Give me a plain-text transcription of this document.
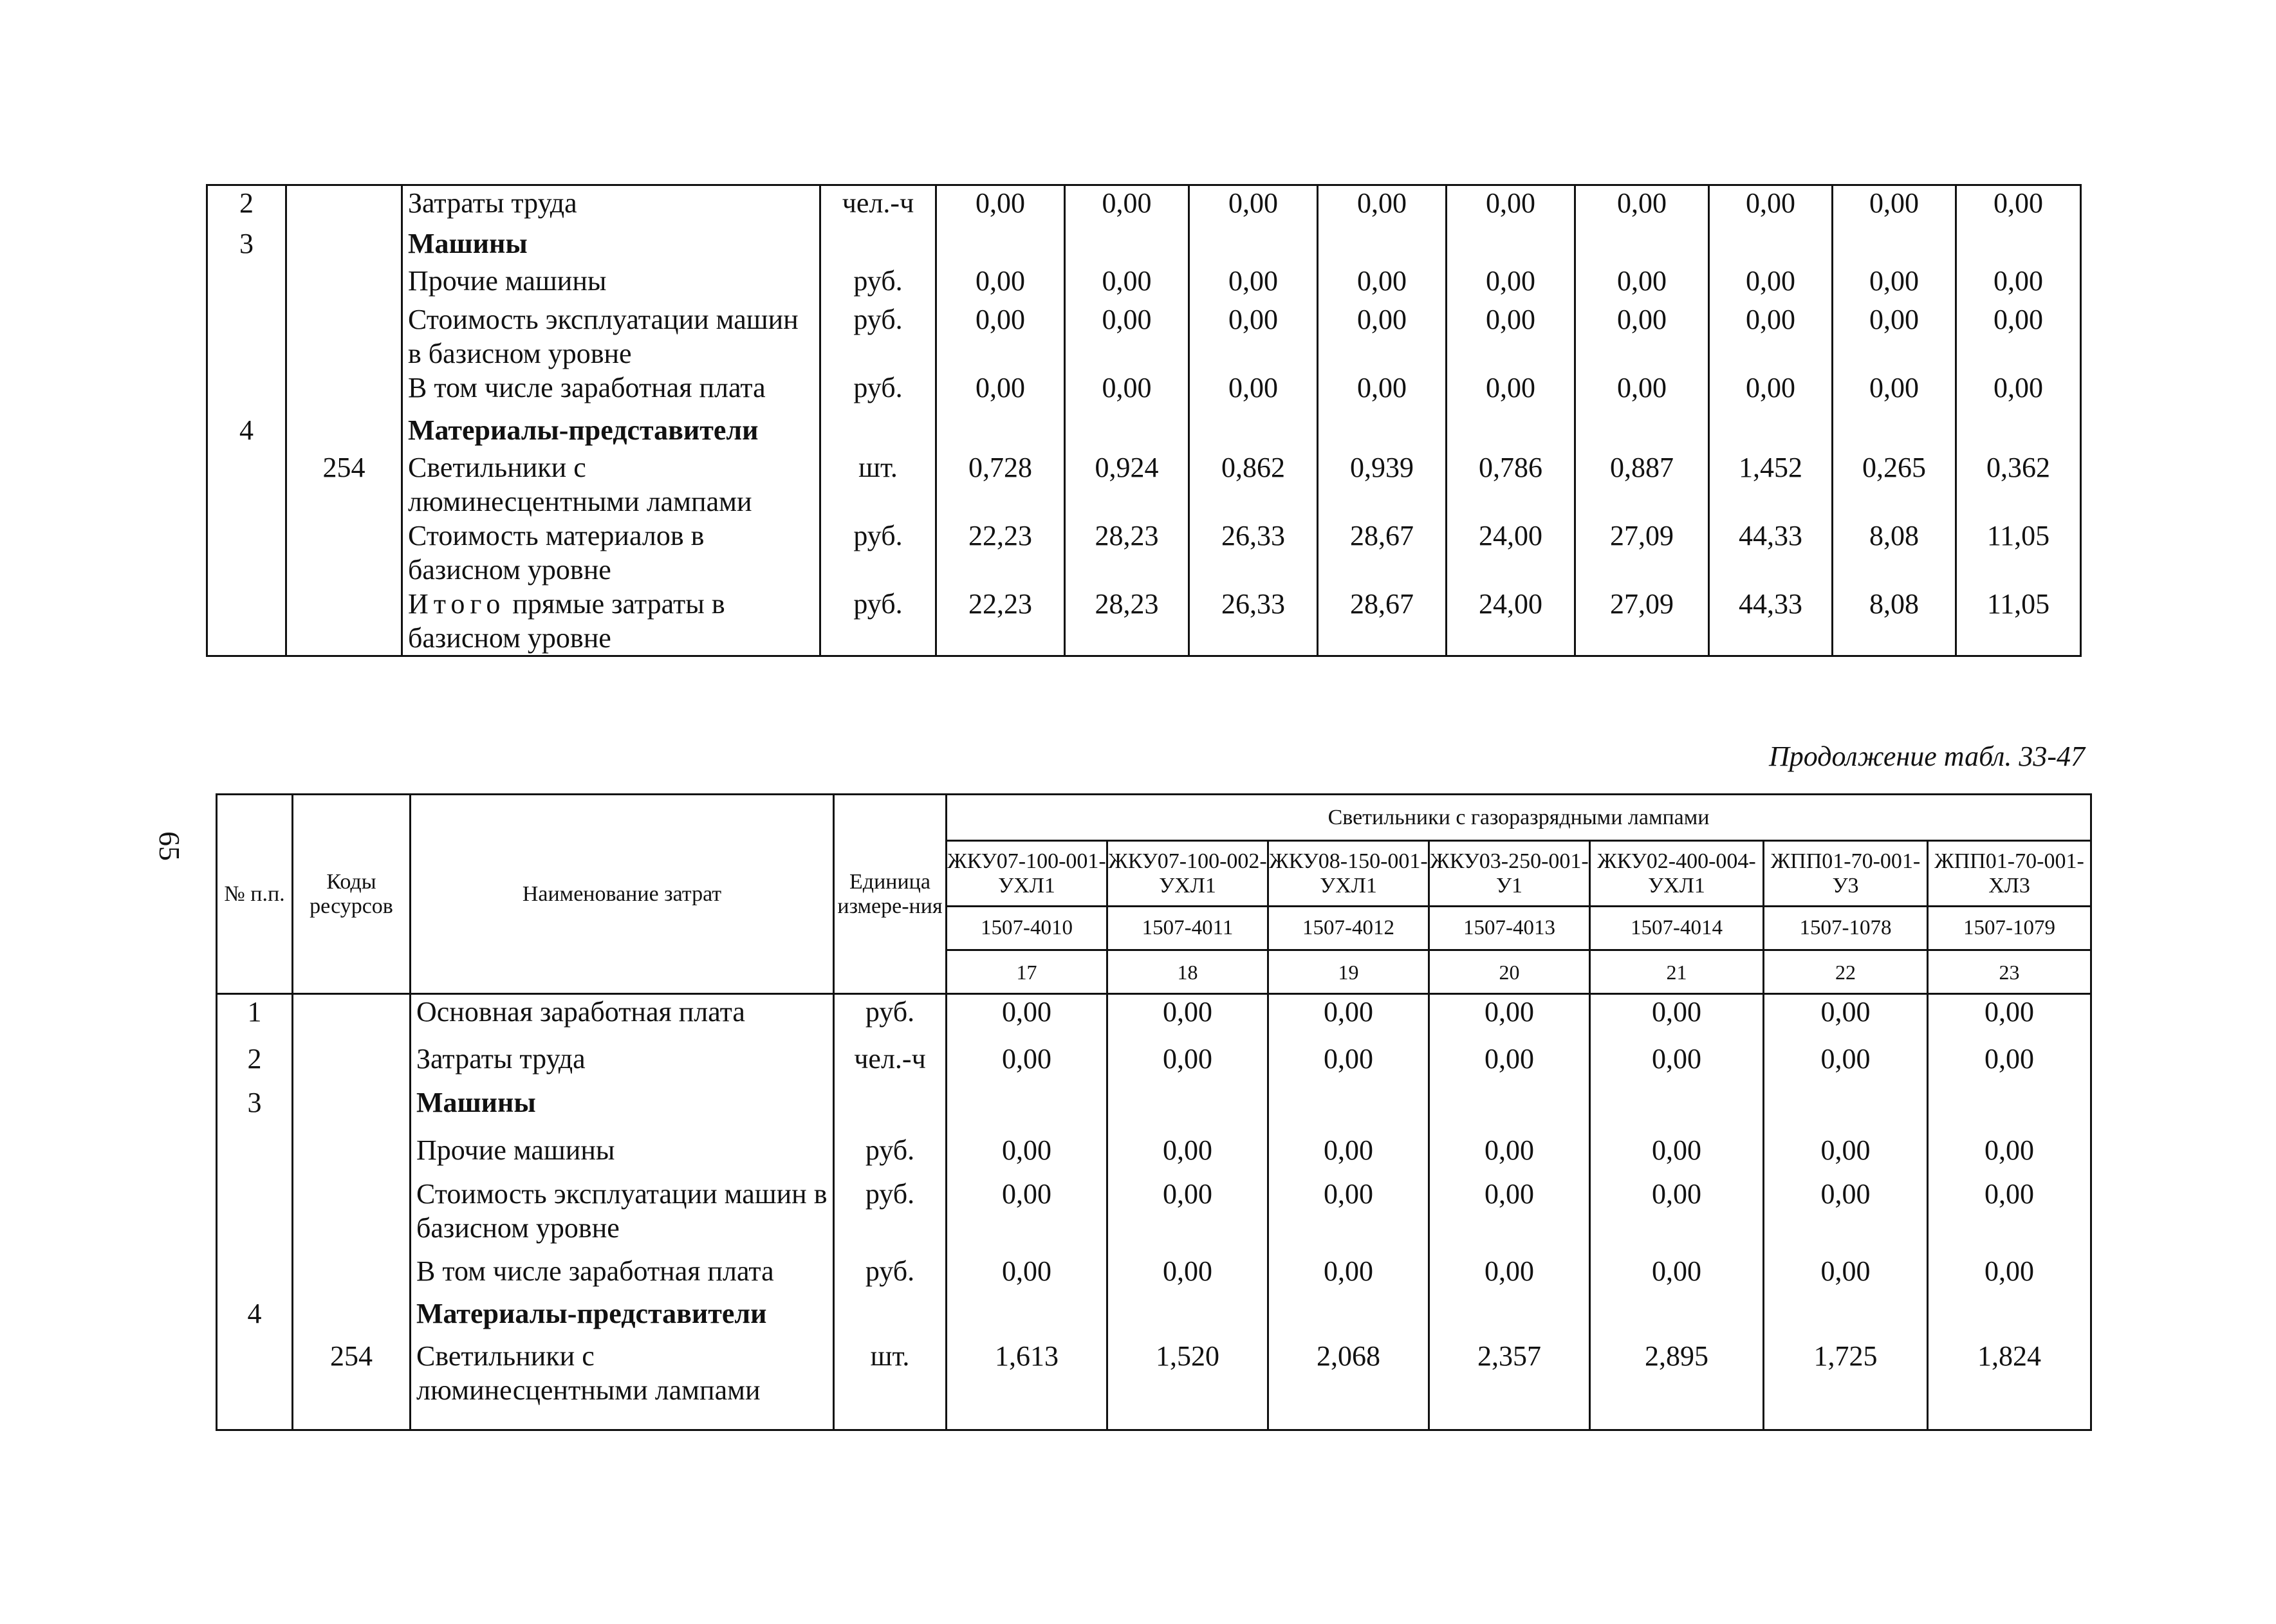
2		Затраты труда	чел.-ч	0,00	0,00	0,00	0,00	0,00	0,00	0,00	0,00	0,00
3		Машины										
		Прочие машины	руб.	0,00	0,00	0,00	0,00	0,00	0,00	0,00	0,00	0,00
		Стоимость эксплуатации машин в базисном уровне	руб.	0,00	0,00	0,00	0,00	0,00	0,00	0,00	0,00	0,00
		В том числе заработная плата	руб.	0,00	0,00	0,00	0,00	0,00	0,00	0,00	0,00	0,00
4		Материалы-представители										
	254	Светильники с люминесцентными лампами	шт.	0,728	0,924	0,862	0,939	0,786	0,887	1,452	0,265	0,362
		Стоимость материалов в базисном уровне	руб.	22,23	28,23	26,33	28,67	24,00	27,09	44,33	8,08	11,05
		Итого прямые затраты в базисном уровне	руб.	22,23	28,23	26,33	28,67	24,00	27,09	44,33	8,08	11,05
Продолжение табл. 33-47
65
№ п.п.	Коды ресурсов	Наименование затрат	Единица измере-ния	Светильники с газоразрядными лампами						
				ЖКУ07-100-001-УХЛ1	ЖКУ07-100-002-УХЛ1	ЖКУ08-150-001-УХЛ1	ЖКУ03-250-001-У1	ЖКУ02-400-004-УХЛ1	ЖПП01-70-001-У3	ЖПП01-70-001-ХЛ3
				1507-4010	1507-4011	1507-4012	1507-4013	1507-4014	1507-1078	1507-1079
				17	18	19	20	21	22	23
1		Основная заработная плата	руб.	0,00	0,00	0,00	0,00	0,00	0,00	0,00
2		Затраты труда	чел.-ч	0,00	0,00	0,00	0,00	0,00	0,00	0,00
3		Машины								
		Прочие машины	руб.	0,00	0,00	0,00	0,00	0,00	0,00	0,00
		Стоимость эксплуатации машин в базисном уровне	руб.	0,00	0,00	0,00	0,00	0,00	0,00	0,00
		В том числе заработная плата	руб.	0,00	0,00	0,00	0,00	0,00	0,00	0,00
4		Материалы-представители								
	254	Светильники с люминесцентными лампами	шт.	1,613	1,520	2,068	2,357	2,895	1,725	1,824
